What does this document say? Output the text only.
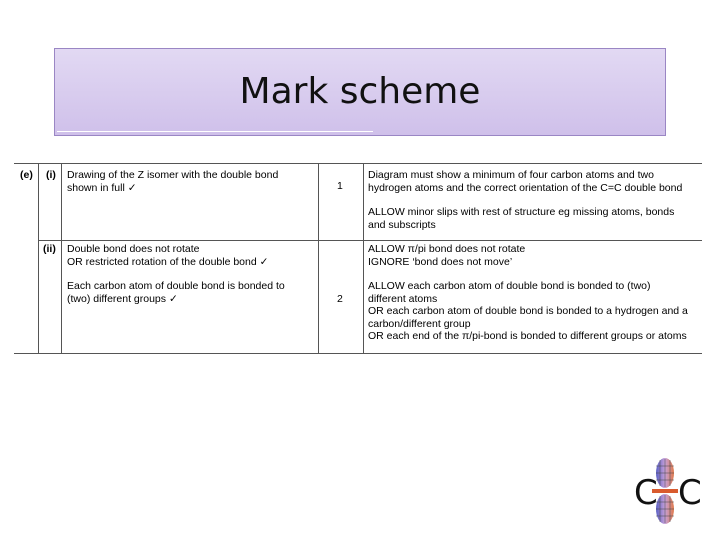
Mark scheme
(e) (i) Drawing of the Z isomer with the double bond
shown in full ✓	1
Diagram must show a minimum of four carbon atoms and two
hydrogen atoms and the correct orientation of the C=C double bond
ALLOW minor slips with rest of structure eg missing atoms, bonds
and subscripts
(ii) Double bond does not rotate
OR restricted rotation of the double bond ✓
Each carbon atom of double bond is bonded to
(two) different groups ✓	2
ALLOW π/pi bond does not rotate
IGNORE ‘bond does not move’
ALLOW each carbon atom of double bond is bonded to (two)
different atoms
OR each carbon atom of double bond is bonded to a hydrogen and a
carbon/different group
OR each end of the π/pi-bond is bonded to different groups or atoms
C C
